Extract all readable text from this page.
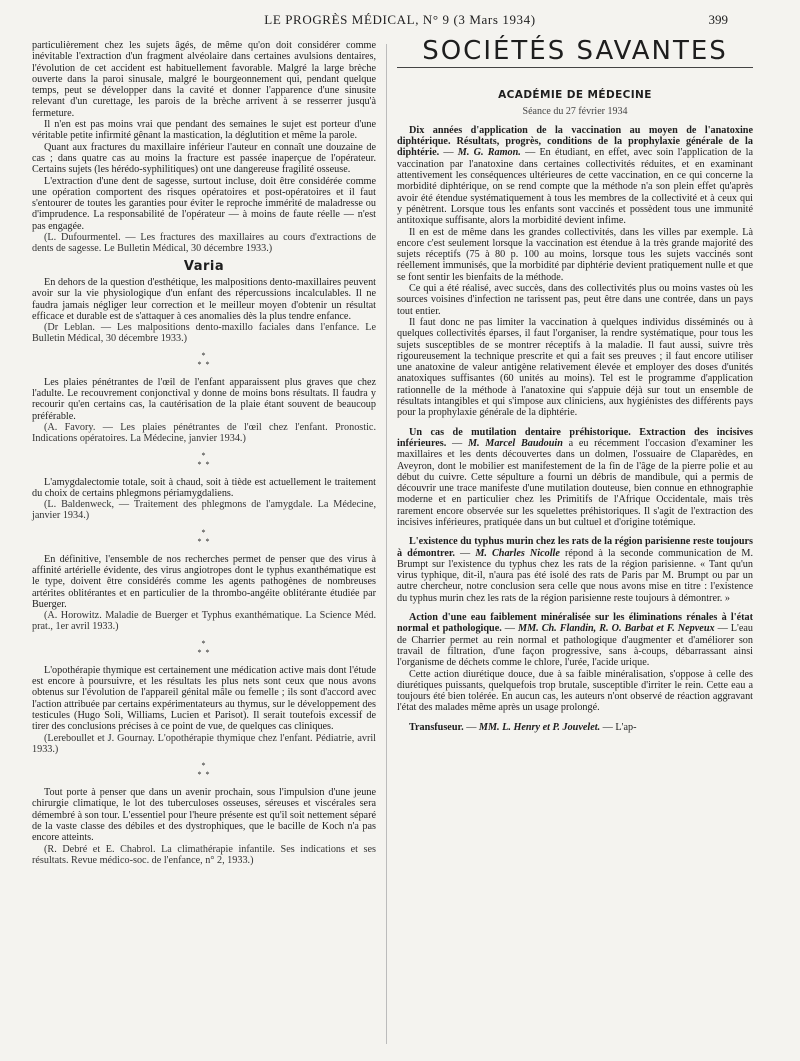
LE PROGRÈS MÉDICAL, N° 9 (3 Mars 1934)	399

particulièrement chez les sujets âgés, de même qu'on doit considérer comme inévitable l'extraction d'un fragment alvéolaire dans certaines avulsions dentaires, l'évolution de cet accident est habituellement favorable. Malgré la large brèche ouverte dans la paroi sinusale, malgré le bourgeonnement qui, pendant quelque temps, peut se développer dans la cavité et donner l'apparence d'une sinusite relevant d'un curettage, les parois de la brèche arrivent à se resserrer jusqu'à fermeture.

Il n'en est pas moins vrai que pendant des semaines le sujet est porteur d'une véritable petite infirmité gênant la mastication, la déglutition et même la parole.

Quant aux fractures du maxillaire inférieur l'auteur en connaît une douzaine de cas ; dans quatre cas au moins la fracture est passée inaperçue de l'opérateur. Certains sujets (les hérédo-syphilitiques) ont une dangereuse fragilité osseuse.

L'extraction d'une dent de sagesse, surtout incluse, doit être considérée comme une opération comportent des risques opératoires et post-opératoires et il faut s'entourer de toutes les garanties pour éviter le reproche immérité de maladresse ou d'imprudence. La responsabilité de l'opérateur — à moins de faute réelle — n'est pas engagée.

(L. Dufourmentel. — Les fractures des maxillaires au cours d'extractions de dents de sagesse. Le Bulletin Médical, 30 décembre 1933.)

Varia

En dehors de la question d'esthétique, les malpositions dento-maxillaires peuvent avoir sur la vie physiologique d'un enfant des répercussions incalculables. Il ne faudra jamais négliger leur correction et le meilleur moyen d'obtenir un résultat efficace et durable est de s'attaquer à ces anomalies dès la plus tendre enfance.

(Dr Leblan. — Les malpositions dento-maxillo faciales dans l'enfance. Le Bulletin Médical, 30 décembre 1933.)

*
* *

Les plaies pénétrantes de l'œil de l'enfant apparaissent plus graves que chez l'adulte. Le recouvrement conjonctival y donne de moins bons résultats. Il faudra y recourir qu'en certains cas, la cautérisation de la plaie étant souvent de beaucoup préférable.

(A. Favory. — Les plaies pénétrantes de l'œil chez l'enfant. Pronostic. Indications opératoires. La Médecine, janvier 1934.)

*
* *

L'amygdalectomie totale, soit à chaud, soit à tiède est actuellement le traitement du choix de certains phlegmons périamygdaliens.

(L. Baldenweck, — Traitement des phlegmons de l'amygdale. La Médecine, janvier 1934.)

*
* *

En définitive, l'ensemble de nos recherches permet de penser que des virus à affinité artérielle évidente, des virus angiotropes dont le typhus exanthématique est le type, doivent être considérés comme les agents pathogènes de nombreuses artérites oblitérantes et en particulier de la thrombo-angéite oblitérante étudiée par Buerger.

(A. Horowitz. Maladie de Buerger et Typhus exanthématique. La Science Méd. prat., 1er avril 1933.)

*
* *

L'opothérapie thymique est certainement une médication active mais dont l'étude est encore à poursuivre, et les résultats les plus nets sont ceux que nous avons obtenus sur l'évolution de l'appareil génital mâle ou femelle ; ils sont d'accord avec l'action attribuée par certains expérimentateurs au thymus, sur le développement des testicules (Hugo Soli, Williams, Lucien et Parisot). Il serait toutefois excessif de tirer des conclusions précises à ce point de vue, de quelques cas cliniques.

(Lereboullet et J. Gournay. L'opothérapie thymique chez l'enfant. Pédiatrie, avril 1933.)

*
* *

Tout porte à penser que dans un avenir prochain, sous l'impulsion d'une jeune chirurgie climatique, le lot des tuberculoses osseuses, séreuses et viscérales sera démembré à son tour. L'essentiel pour l'heure présente est qu'il soit nettement séparé de la vaste classe des débiles et des dystrophiques, que le bacille de Koch n'a pas encore atteints.

(R. Debré et E. Chabrol. La climathérapie infantile. Ses indications et ses résultats. Revue médico-soc. de l'enfance, n° 2, 1933.)

SOCIÉTÉS SAVANTES
ACADÉMIE DE MÉDECINE
Séance du 27 février 1934

Dix années d'application de la vaccination au moyen de l'anatoxine diphtérique. Résultats, progrès, conditions de la prophylaxie générale de la diphtérie. — M. G. Ramon. — En étudiant, en effet, avec soin l'application de la vaccination par l'anatoxine dans certaines collectivités réduites, et en examinant attentivement les conséquences ultérieures de cette vaccination, en ce qui concerne la morbidité diphtérique, on se rend compte que la méthode n'a son plein effet qu'après avoir été étendue systématiquement à tous les membres de la collectivité et à ceux qui y pénètrent. Lorsque tous les enfants sont vaccinés et possèdent tous une immunité antitoxique suffisante, alors la morbidité devient infime.

Il en est de même dans les grandes collectivités, dans les villes par exemple. Là encore c'est seulement lorsque la vaccination est étendue à la très grande majorité des sujets réceptifs (75 à 80 p. 100 au moins, lorsque tous les sujets vaccinés sont réellement immunisés, que la morbidité par diphtérie devient pratiquement nulle et que se font sentir les bienfaits de la méthode.

Ce qui a été réalisé, avec succès, dans des collectivités plus ou moins vastes où les sources voisines d'infection ne tarissent pas, peut être dans une contrée, dans un pays tout entier.

Il faut donc ne pas limiter la vaccination à quelques individus disséminés ou à quelques collectivités éparses, il faut l'organiser, la rendre systématique, pour tous les sujets susceptibles de se montrer réceptifs à la maladie. Il faut aussi, suivre très rigoureusement la technique prescrite et qui a fait ses preuves ; il faut encore utiliser une anatoxine de valeur antigène relativement élevée et employer des doses d'unités anatoxiques suffisantes (60 unités au moins). Tel est le programme d'application rationnelle de la méthode à l'anatoxine qui s'appuie déjà sur tout un ensemble de résultats intangibles et qui s'impose aux cliniciens, aux hygiénistes des différents pays pour la prophylaxie générale de la diphtérie.

Un cas de mutilation dentaire préhistorique. Extraction des incisives inférieures. — M. Marcel Baudouin a eu récemment l'occasion d'examiner les maxillaires et les dents découvertes dans un dolmen, l'ossuaire de Claparèdes, en Aveyron, dont le mobilier est manifestement de la fin de l'âge de la pierre polie et au début du cuivre. Cette sépulture a fourni un débris de mandibule, qui a permis de découvrir une trace manifeste d'une mutilation douteuse, bien connue en ethnographie moderne et en particulier chez les Primitifs de l'Afrique Occidentale, mais très rarement encore observée sur les squelettes préhistoriques. Il s'agit de l'extraction des incisives inférieures, pratiquée dans un but cultuel et d'origine totémique.

L'existence du typhus murin chez les rats de la région parisienne reste toujours à démontrer. — M. Charles Nicolle répond à la seconde communication de M. Brumpt sur l'existence du typhus chez les rats de la région parisienne. « Tant qu'un virus typhique, dit-il, n'aura pas été isolé des rats de Paris par M. Brumpt ou par un autre chercheur, notre conclusion sera celle que nous avons mise en titre : l'existence du typhus murin chez les rats de la région parisienne reste toujours à démontrer. »

Action d'une eau faiblement minéralisée sur les éliminations rénales à l'état normal et pathologique. — MM. Ch. Flandin, R. O. Barbat et F. Nepveux — L'eau de Charrier permet au rein normal et pathologique d'augmenter et d'améliorer son travail de filtration, d'une façon progressive, sans à-coups, débarrassant ainsi l'organisme de déchets comme le chlore, l'urée, l'acide urique.

Cette action diurétique douce, due à sa faible minéralisation, s'oppose à celle des diurétiques puissants, quelquefois trop brutale, susceptible d'irriter le rein. Cette eau a toujours été bien tolérée. En aucun cas, les auteurs n'ont observé de réaction aggravant l'état des malades même après un usage prolongé.

Transfuseur. — MM. L. Henry et P. Jouvelet. — L'ap-
